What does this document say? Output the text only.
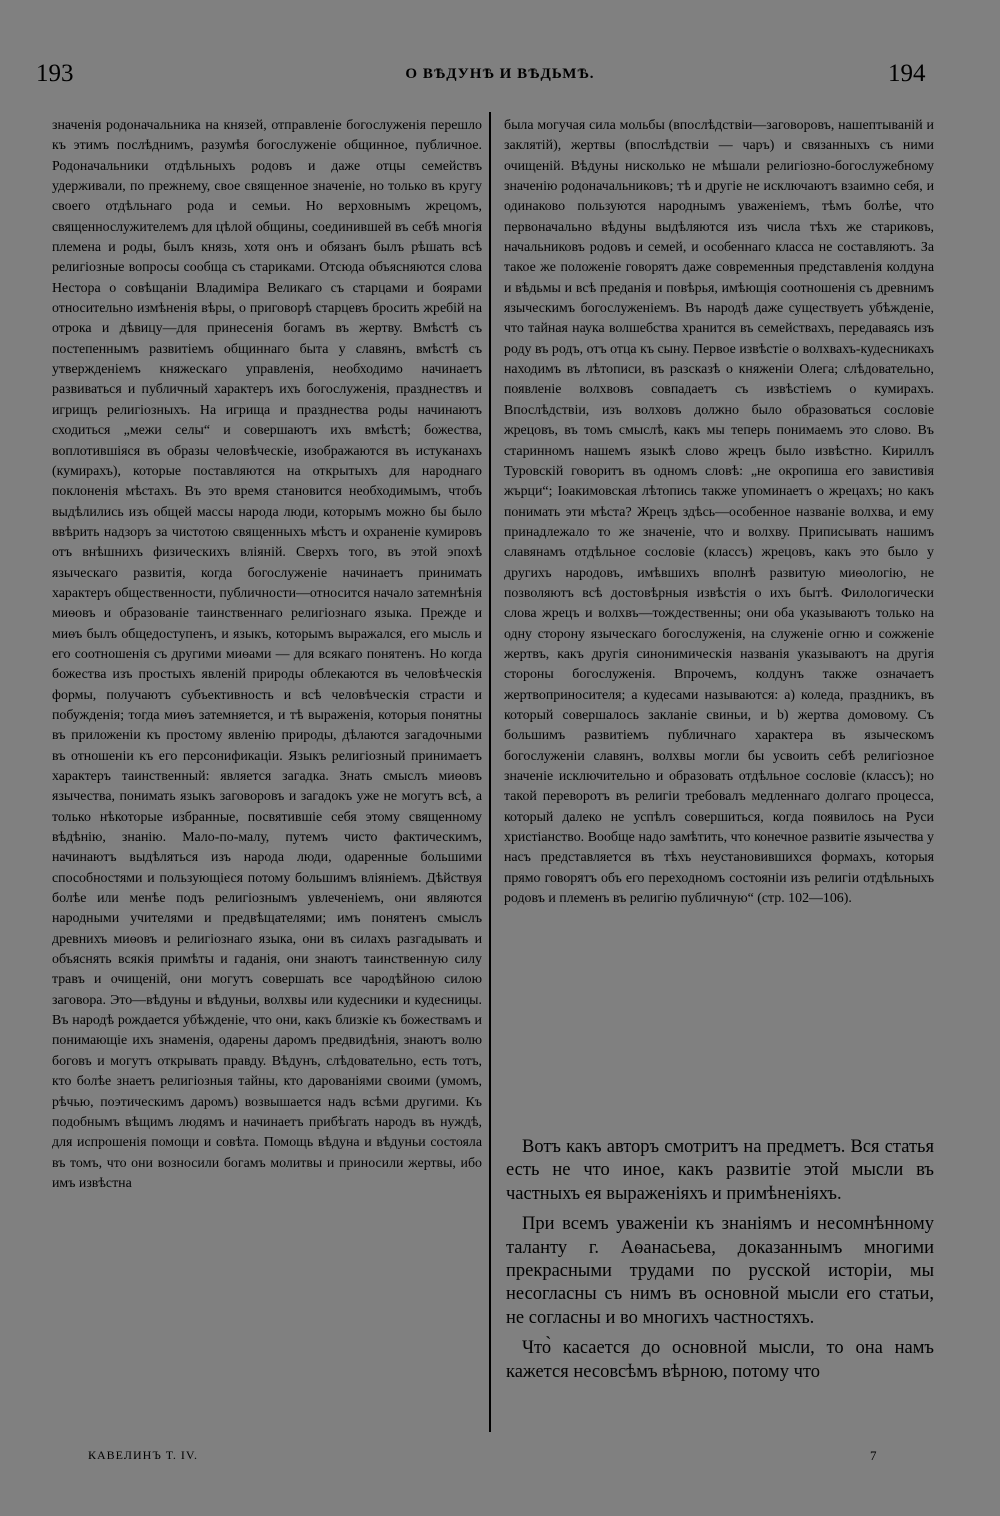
193	О ВѢДУНѢ И ВѢДЬМѢ.	194

значенія родоначальника на князей, отправленіе богослуженія перешло къ этимъ послѣднимъ, разумѣя богослуженіе общинное, публичное. Родоначальники отдѣльныхъ родовъ и даже отцы семействъ удерживали, по прежнему, свое священное значеніе, но только въ кругу своего отдѣльнаго рода и семьи. Но верховнымъ жрецомъ, священнослужителемъ для цѣлой общины, соединившей въ себѣ многія племена и роды, былъ князь, хотя онъ и обязанъ былъ рѣшать всѣ религіозные вопросы сообща съ стариками. Отсюда объясняются слова Нестора о совѣщаніи Владиміра Великаго съ старцами и боярами относительно измѣненія вѣры, о приговорѣ старцевъ бросить жребій на отрока и дѣвицу—для принесенія богамъ въ жертву. Вмѣстѣ съ постепеннымъ развитіемъ общиннаго быта у славянъ, вмѣстѣ съ утвержденіемъ княжескаго управленія, необходимо начинаетъ развиваться и публичный характеръ ихъ богослуженія, празднествъ и игрищъ религіозныхъ. На игрища и празднества роды начинаютъ сходиться „межи селы“ и совершаютъ ихъ вмѣстѣ; божества, воплотившіяся въ образы человѣческіе, изображаются въ истуканахъ (кумирахъ), которые поставляются на открытыхъ для народнаго поклоненія мѣстахъ. Въ это время становится необходимымъ, чтобъ выдѣлились изъ общей массы народа люди, которымъ можно бы было ввѣрить надзоръ за чистотою священныхъ мѣстъ и охраненіе кумировъ отъ внѣшнихъ физическихъ вліяній. Сверхъ того, въ этой эпохѣ языческаго развитія, когда богослуженіе начинаетъ принимать характеръ общественности, публичности—относится начало затемнѣнія миѳовъ и образованіе таинственнаго религіознаго языка. Прежде и миѳъ былъ общедоступенъ, и языкъ, которымъ выражался, его мысль и его соотношенія съ другими миѳами — для всякаго понятенъ. Но когда божества изъ простыхъ явленій природы облекаются въ человѣческія формы, получаютъ субъективность и всѣ человѣческія страсти и побужденія; тогда миѳъ затемняется, и тѣ выраженія, которыя понятны въ приложеніи къ простому явленію природы, дѣлаются загадочными въ отношеніи къ его персонификаціи. Языкъ религіозный принимаетъ характеръ таинственный: является загадка. Знать смыслъ миѳовъ язычества, понимать языкъ заговоровъ и загадокъ уже не могутъ всѣ, а только нѣкоторые избранные, посвятившіе себя этому священному вѣдѣнію, знанію. Мало-по-малу, путемъ чисто фактическимъ, начинаютъ выдѣляться изъ народа люди, одаренные большими способностями и пользующіеся потому большимъ вліяніемъ. Дѣйствуя болѣе или менѣе подъ религіознымъ увлеченіемъ, они являются народными учителями и предвѣщателями; имъ понятенъ смыслъ древнихъ миѳовъ и религіознаго языка, они въ силахъ разгадывать и объяснять всякія примѣты и гаданія, они знаютъ таинственную силу травъ и очищеній, они могутъ совершать все чародѣйною силою заговора. Это—вѣдуны и вѣдуньи, волхвы или кудесники и кудесницы. Въ народѣ рождается убѣжденіе, что они, какъ близкіе къ божествамъ и понимающіе ихъ знаменія, одарены даромъ предвидѣнія, знаютъ волю боговъ и могутъ открывать правду. Вѣдунъ, слѣдовательно, есть тотъ, кто болѣе знаетъ религіозныя тайны, кто дарованіями своими (умомъ, рѣчью, поэтическимъ даромъ) возвышается надъ всѣми другими. Къ подобнымъ вѣщимъ людямъ и начинаетъ прибѣгать народъ въ нуждѣ, для испрошенія помощи и совѣта. Помощь вѣдуна и вѣдуньи состояла въ томъ, что они возносили богамъ молитвы и приносили жертвы, ибо имъ извѣстна

была могучая сила мольбы (впослѣдствіи—заговоровъ, нашептываній и заклятій), жертвы (впослѣдствіи — чаръ) и связанныхъ съ ними очищеній. Вѣдуны нисколько не мѣшали религіозно-богослужебному значенію родоначальниковъ; тѣ и другіе не исключаютъ взаимно себя, и одинаково пользуются народнымъ уваженіемъ, тѣмъ болѣе, что первоначально вѣдуны выдѣляются изъ числа тѣхъ же стариковъ, начальниковъ родовъ и семей, и особеннаго класса не составляютъ. За такое же положеніе говорятъ даже современныя представленія колдуна и вѣдьмы и всѣ преданія и повѣрья, имѣющія соотношенія съ древнимъ языческимъ богослуженіемъ. Въ народѣ даже существуетъ убѣжденіе, что тайная наука волшебства хранится въ семействахъ, передаваясь изъ роду въ родъ, отъ отца къ сыну. Первое извѣстіе о волхвахъ-кудесникахъ находимъ въ лѣтописи, въ разсказѣ о княженіи Олега; слѣдовательно, появленіе волхвовъ совпадаетъ съ извѣстіемъ о кумирахъ. Впослѣдствіи, изъ волховъ должно было образоваться сословіе жрецовъ, въ томъ смыслѣ, какъ мы теперь понимаемъ это слово. Въ старинномъ нашемъ языкѣ слово жрецъ было извѣстно. Кириллъ Туровскій говоритъ въ одномъ словѣ: „не окропиша его завистивія жърци“; Іоакимовская лѣтопись также упоминаетъ о жрецахъ; но какъ понимать эти мѣста? Жрецъ здѣсь—особенное названіе волхва, и ему принадлежало то же значеніе, что и волхву. Приписывать нашимъ славянамъ отдѣльное сословіе (классъ) жрецовъ, какъ это было у другихъ народовъ, имѣвшихъ вполнѣ развитую миѳологію, не позволяютъ всѣ достовѣрныя извѣстія о ихъ бытѣ. Филологически слова жрецъ и волхвъ—тождественны; они оба указываютъ только на одну сторону языческаго богослуженія, на служеніе огню и сожженіе жертвъ, какъ другія синонимическія названія указываютъ на другія стороны богослуженія. Впрочемъ, колдунъ также означаетъ жертвоприносителя; а кудесами называются: a) коледа, праздникъ, въ который совершалось закланіе свиньи, и b) жертва домовому. Съ большимъ развитіемъ публичнаго характера въ языческомъ богослуженіи славянъ, волхвы могли бы усвоить себѣ религіозное значеніе исключительно и образовать отдѣльное сословіе (классъ); но такой переворотъ въ религіи требовалъ медленнаго долгаго процесса, который далеко не успѣлъ совершиться, когда появилось на Руси христіанство. Вообще надо замѣтить, что конечное развитіе язычества у насъ представляется въ тѣхъ неустановившихся формахъ, которыя прямо говорятъ объ его переходномъ состояніи изъ религіи отдѣльныхъ родовъ и племенъ въ религію публичную“ (стр. 102—106).

Вотъ какъ авторъ смотритъ на предметъ. Вся статья есть не что иное, какъ развитіе этой мысли въ частныхъ ея выраженіяхъ и примѣненіяхъ.

При всемъ уваженіи къ знаніямъ и несомнѣнному таланту г. Аѳанасьева, доказаннымъ многими прекрасными трудами по русской исторіи, мы несогласны съ нимъ въ основной мысли его статьи, не согласны и во многихъ частностяхъ.

Что̀ касается до основной мысли, то она намъ кажется несовсѣмъ вѣрною, потому что

КАВЕЛИНЪ Т. IV.	7
